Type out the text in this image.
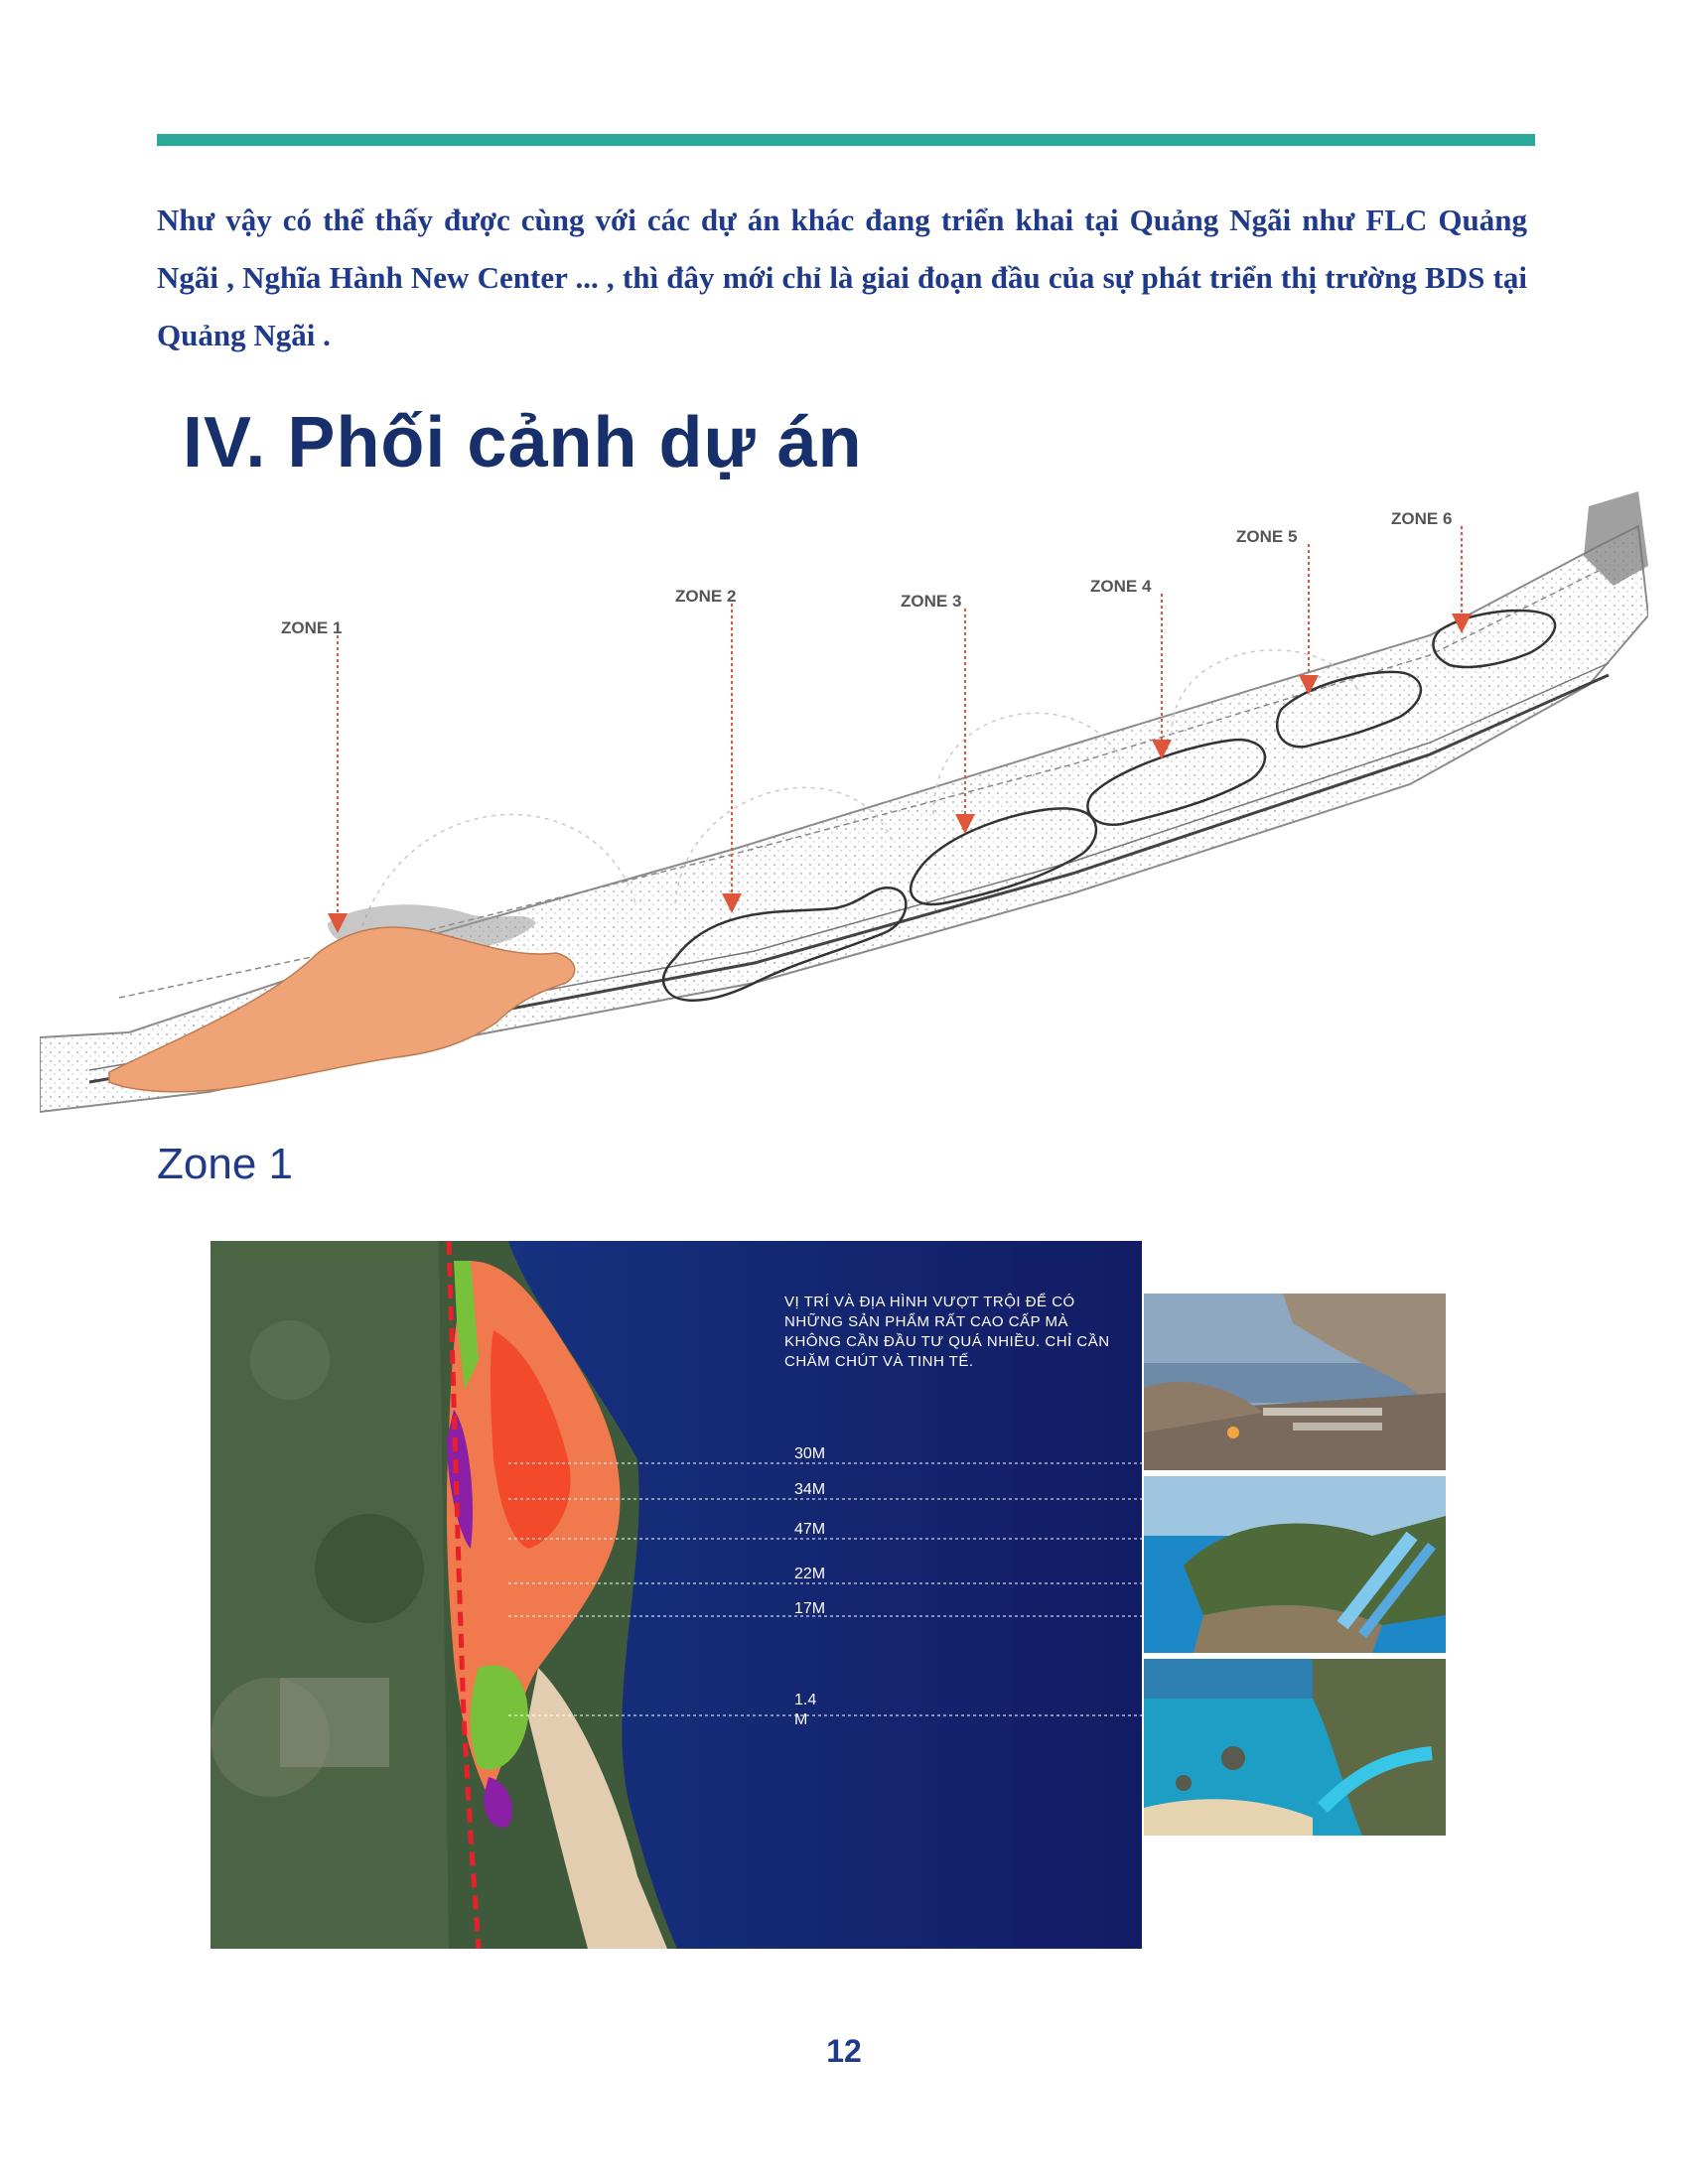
Như vậy có thể thấy được cùng với các dự án khác đang triển khai tại Quảng Ngãi như FLC Quảng Ngãi , Nghĩa Hành New Center ... , thì đây mới chỉ là giai đoạn đầu của sự phát triển thị trường BDS tại Quảng Ngãi .

IV. Phối cảnh dự án
ZONE 1
ZONE 2	ZONE 3
ZONE 4
ZONE 5
ZONE 6
Zone 1

VỊ TRÍ VÀ ĐỊA HÌNH VƯỢT TRỘI ĐỂ CÓ NHỮNG SẢN PHẨM RẤT CAO CẤP MÀ KHÔNG CẦN ĐẦU TƯ QUÁ NHIỀU. CHỈ CẦN CHĂM CHÚT VÀ TINH TẾ.

30M
34M
47M
22M
17M
1.4
M
12
